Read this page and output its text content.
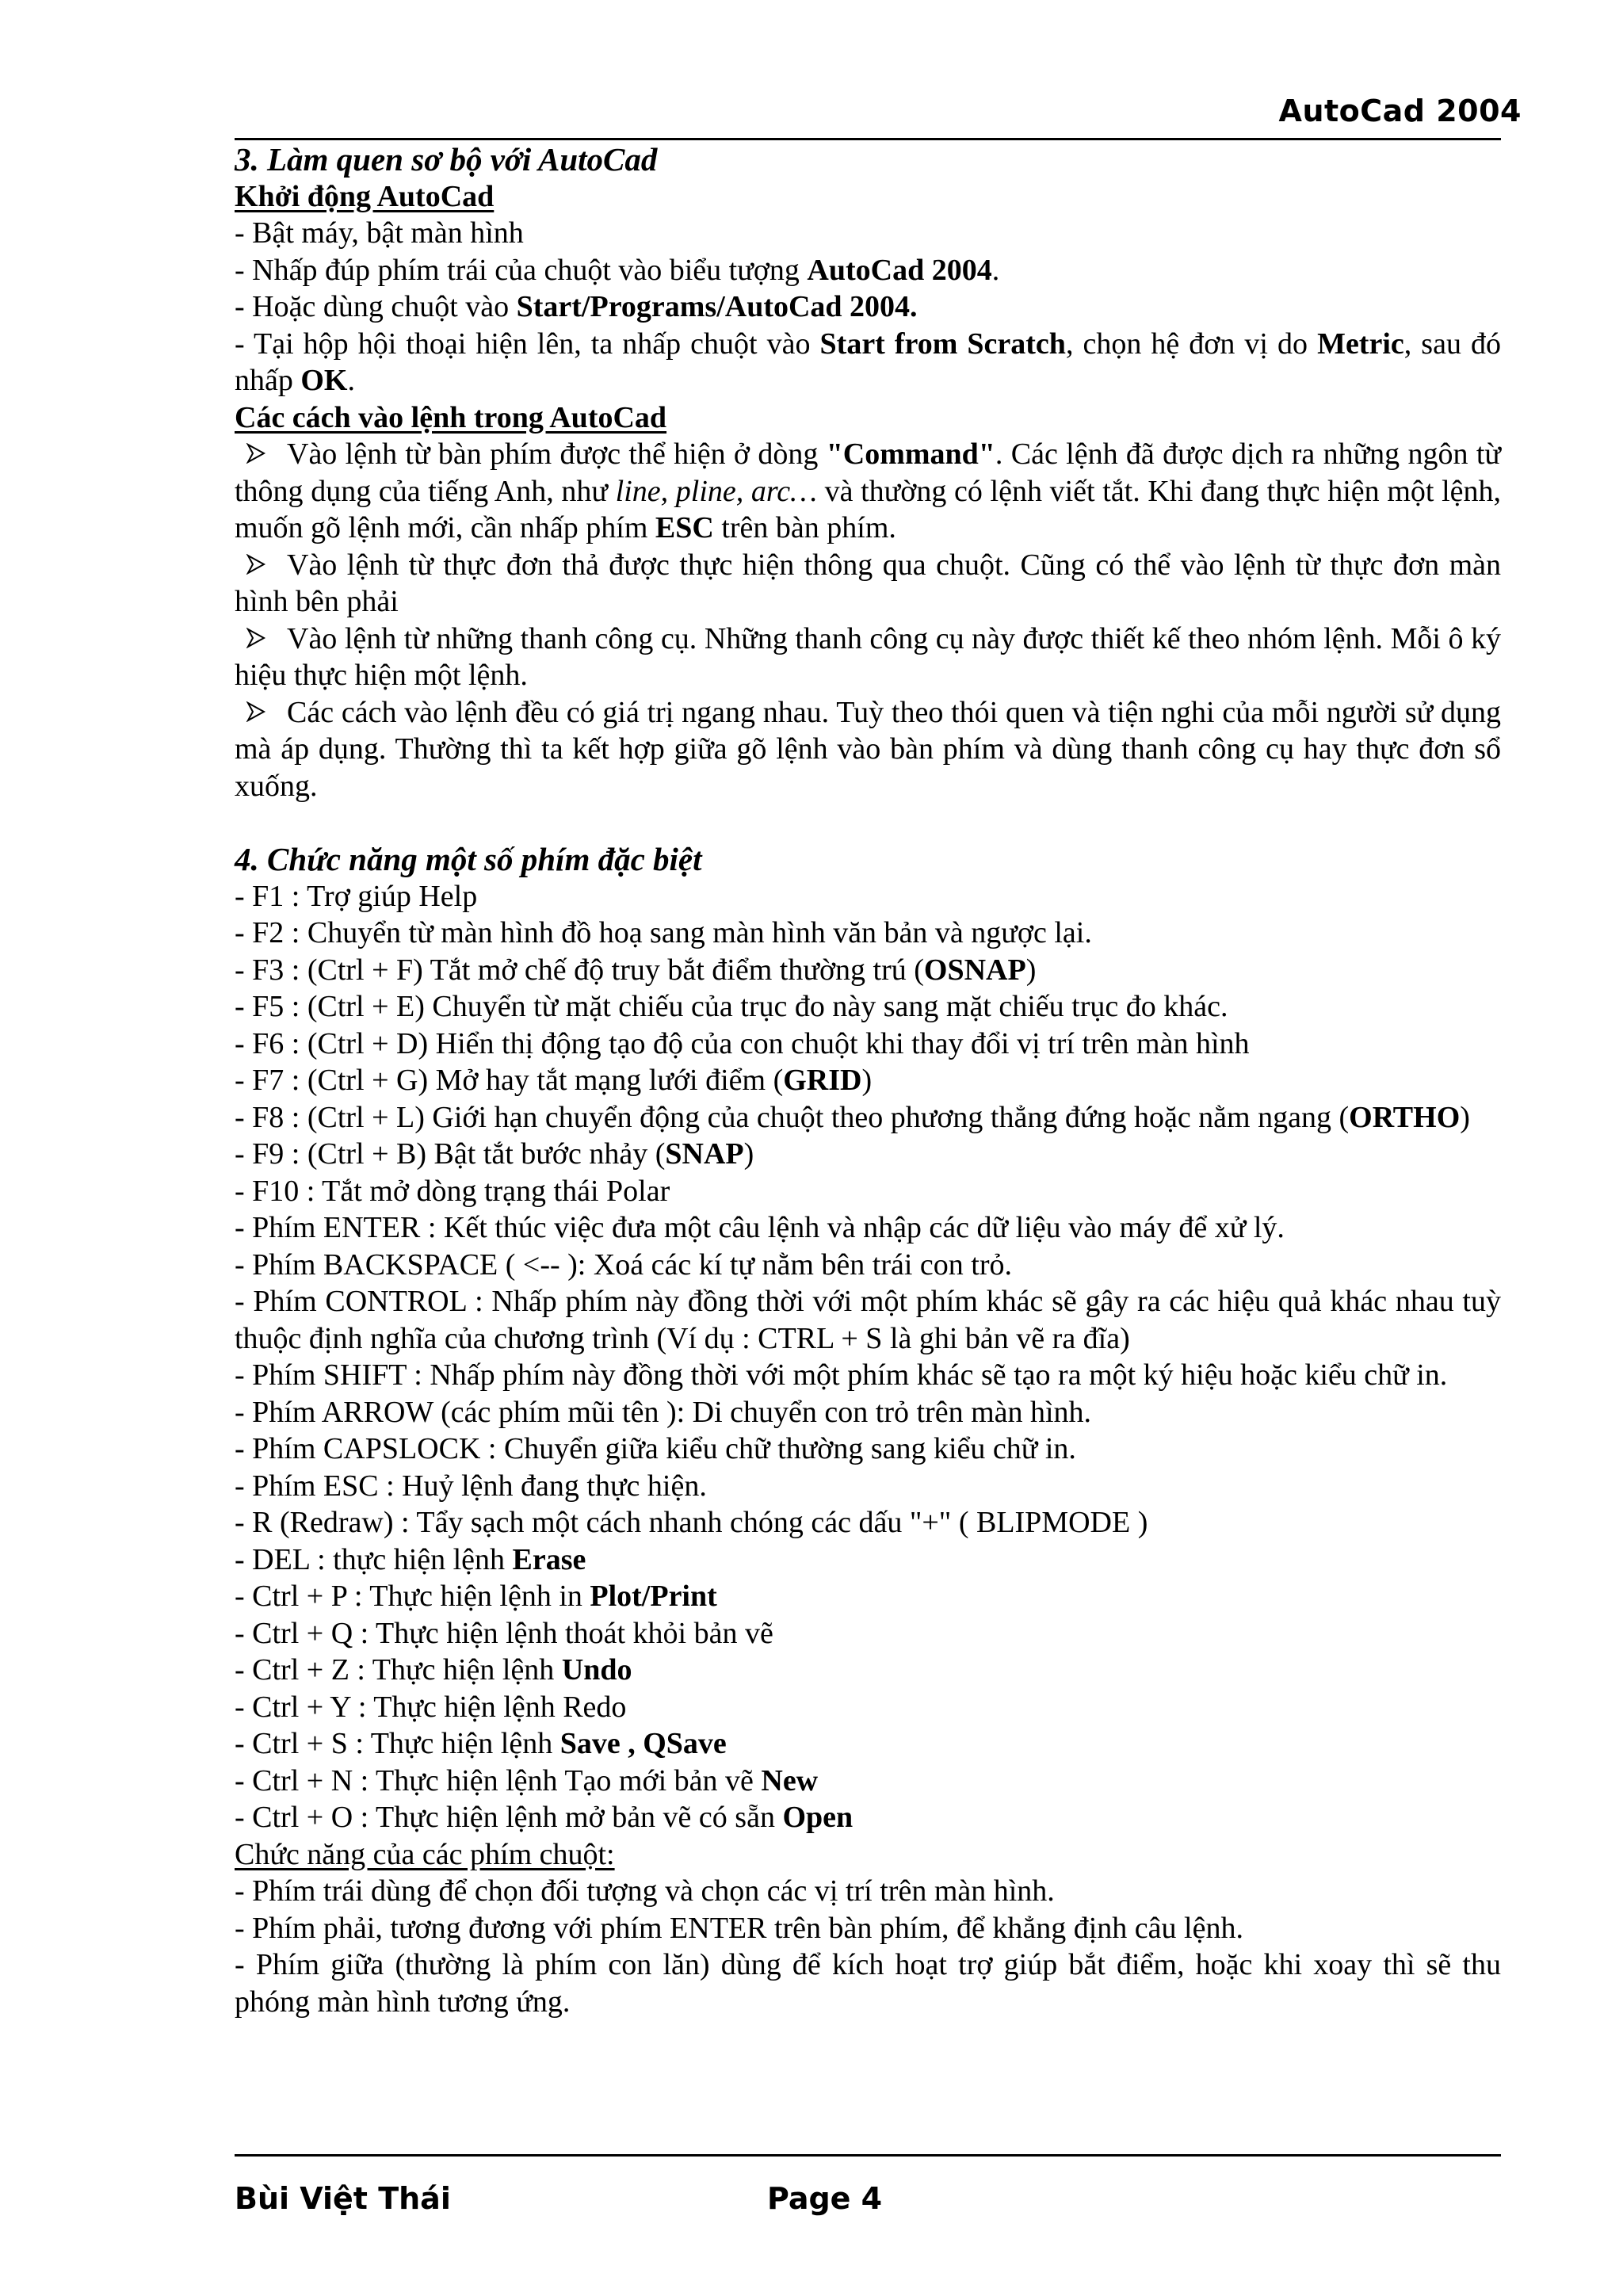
AutoCad 2004

3. Làm quen sơ bộ với AutoCad

Khởi động AutoCad

- Bật máy, bật màn hình

- Nhấp đúp phím trái của chuột vào biểu tượng AutoCad 2004.

- Hoặc dùng chuột vào Start/Programs/AutoCad 2004.

- Tại hộp hội thoại hiện lên, ta nhấp chuột vào Start from Scratch, chọn hệ đơn vị do Metric, sau đó nhấp OK.

Các cách vào lệnh trong AutoCad

Vào lệnh từ bàn phím được thể hiện ở dòng "Command". Các lệnh đã được dịch ra những ngôn từ thông dụng của tiếng Anh, như line, pline, arc… và thường có lệnh viết tắt. Khi đang thực hiện một lệnh, muốn gõ lệnh mới, cần nhấp phím ESC trên bàn phím.

Vào lệnh từ thực đơn thả được thực hiện thông qua chuột. Cũng có thể vào lệnh từ thực đơn màn hình bên phải

Vào lệnh từ những thanh công cụ. Những thanh công cụ này được thiết kế theo nhóm lệnh. Mỗi ô ký hiệu thực hiện một lệnh.

Các cách vào lệnh đều có giá trị ngang nhau. Tuỳ theo thói quen và tiện nghi của mỗi người sử dụng mà áp dụng. Thường thì ta kết hợp giữa gõ lệnh vào bàn phím và dùng thanh công cụ hay thực đơn sổ xuống.

4. Chức năng một số phím đặc biệt

- F1 : Trợ giúp Help

- F2 : Chuyển từ màn hình đồ hoạ sang màn hình văn bản và ngược lại.

- F3 : (Ctrl + F) Tắt mở chế độ truy bắt điểm thường trú (OSNAP)

- F5 : (Ctrl + E) Chuyển từ mặt chiếu của trục đo này sang mặt chiếu trục đo khác.

- F6 : (Ctrl + D) Hiển thị động tạo độ của con chuột khi thay đổi vị trí trên màn hình

- F7 : (Ctrl + G) Mở hay tắt mạng lưới điểm (GRID)

- F8 : (Ctrl + L) Giới hạn chuyển động của chuột theo phương thẳng đứng hoặc nằm ngang (ORTHO)

- F9 : (Ctrl + B) Bật tắt bước nhảy (SNAP)

- F10 : Tắt mở dòng trạng thái Polar

- Phím ENTER : Kết thúc việc đưa một câu lệnh và nhập các dữ liệu vào máy để xử lý.

- Phím BACKSPACE ( <-- ): Xoá các kí tự nằm bên trái con trỏ.

- Phím CONTROL : Nhấp phím này đồng thời với một phím khác sẽ gây ra các hiệu quả khác nhau tuỳ thuộc định nghĩa của chương trình (Ví dụ : CTRL + S là ghi bản vẽ ra đĩa)

- Phím SHIFT : Nhấp phím này đồng thời với một phím khác sẽ tạo ra một ký hiệu hoặc kiểu chữ in.

- Phím ARROW (các phím mũi tên ): Di chuyển con trỏ trên màn hình.

- Phím CAPSLOCK : Chuyển giữa kiểu chữ thường sang kiểu chữ in.

- Phím ESC : Huỷ lệnh đang thực hiện.

- R (Redraw) : Tẩy sạch một cách nhanh chóng các dấu "+" ( BLIPMODE )

- DEL : thực hiện lệnh Erase

- Ctrl + P : Thực hiện lệnh in Plot/Print

- Ctrl + Q : Thực hiện lệnh thoát khỏi bản vẽ

- Ctrl + Z : Thực hiện lệnh Undo

- Ctrl + Y : Thực hiện lệnh Redo

- Ctrl + S : Thực hiện lệnh Save , QSave

- Ctrl + N : Thực hiện lệnh Tạo mới bản vẽ New

- Ctrl + O : Thực hiện lệnh mở bản vẽ có sẵn Open

Chức năng của các phím chuột:

- Phím trái dùng để chọn đối tượng và chọn các vị trí trên màn hình.

- Phím phải, tương đương với phím ENTER trên bàn phím, để khẳng định câu lệnh.

- Phím giữa (thường là phím con lăn) dùng để kích hoạt trợ giúp bắt điểm, hoặc khi xoay thì sẽ thu phóng màn hình tương ứng.

Bùi Việt Thái	Page 4
